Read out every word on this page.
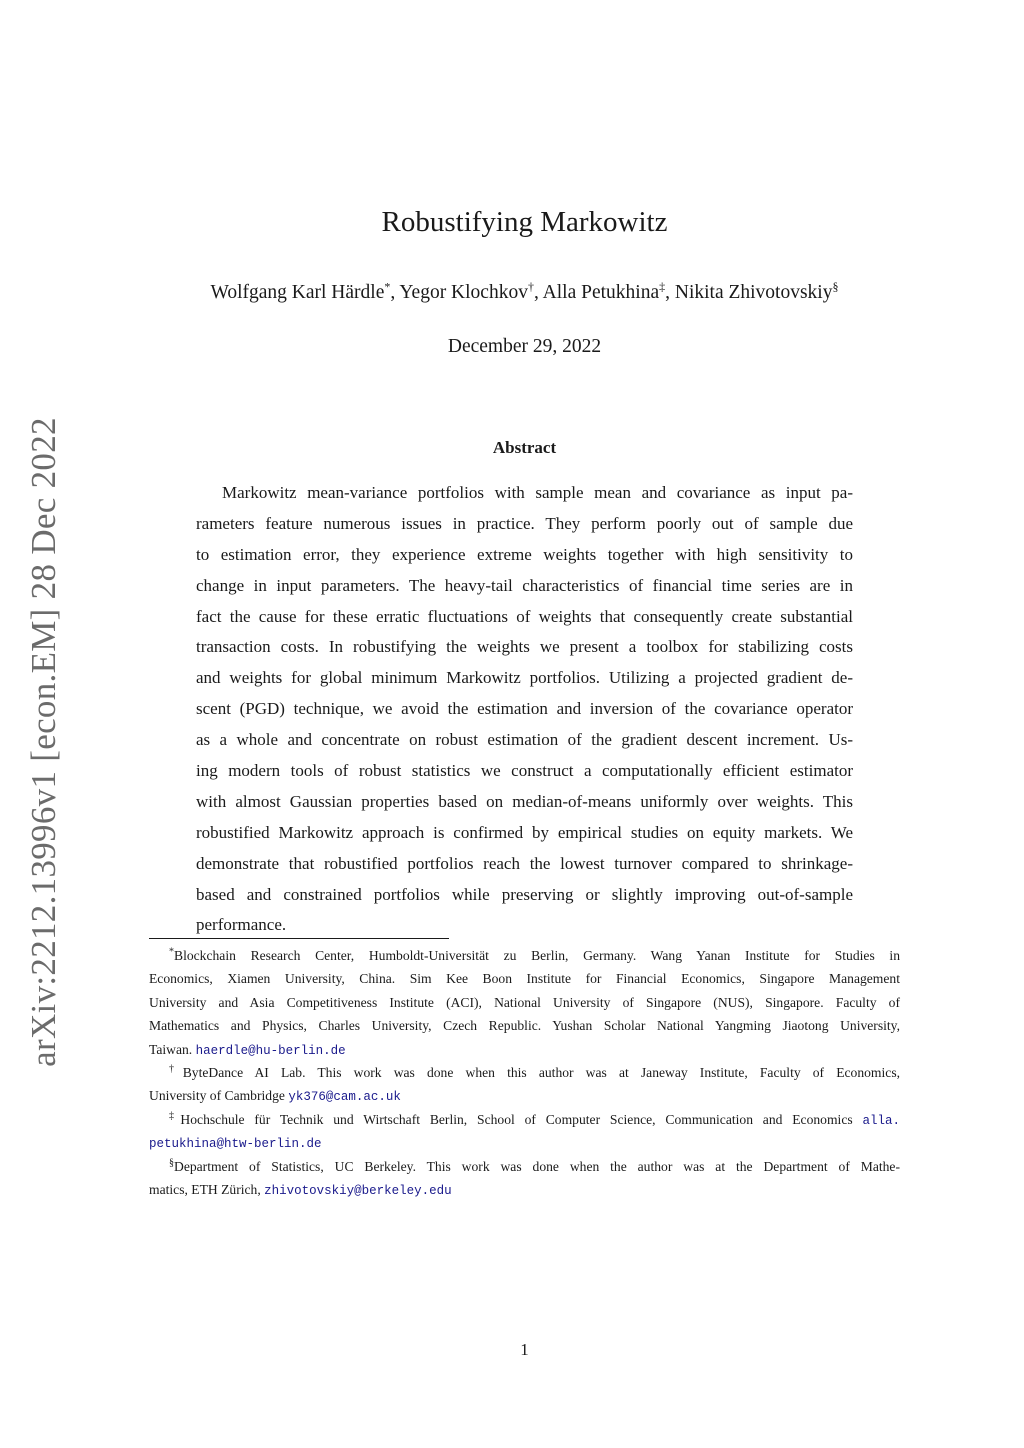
arXiv:2212.13996v1 [econ.EM] 28 Dec 2022
Robustifying Markowitz
Wolfgang Karl Härdle*, Yegor Klochkov†, Alla Petukhina‡, Nikita Zhivotovskiy§
December 29, 2022
Abstract
Markowitz mean-variance portfolios with sample mean and covariance as input pa-
rameters feature numerous issues in practice. They perform poorly out of sample due
to estimation error, they experience extreme weights together with high sensitivity to
change in input parameters. The heavy-tail characteristics of financial time series are in
fact the cause for these erratic fluctuations of weights that consequently create substantial
transaction costs. In robustifying the weights we present a toolbox for stabilizing costs
and weights for global minimum Markowitz portfolios. Utilizing a projected gradient de-
scent (PGD) technique, we avoid the estimation and inversion of the covariance operator
as a whole and concentrate on robust estimation of the gradient descent increment. Us-
ing modern tools of robust statistics we construct a computationally efficient estimator
with almost Gaussian properties based on median-of-means uniformly over weights. This
robustified Markowitz approach is confirmed by empirical studies on equity markets. We
demonstrate that robustified portfolios reach the lowest turnover compared to shrinkage-
based and constrained portfolios while preserving or slightly improving out-of-sample
performance.
*Blockchain Research Center, Humboldt-Universität zu Berlin, Germany. Wang Yanan Institute for Studies in
Economics, Xiamen University, China. Sim Kee Boon Institute for Financial Economics, Singapore Management
University and Asia Competitiveness Institute (ACI), National University of Singapore (NUS), Singapore. Faculty of
Mathematics and Physics, Charles University, Czech Republic. Yushan Scholar National Yangming Jiaotong University,
Taiwan. haerdle@hu-berlin.de
†ByteDance AI Lab. This work was done when this author was at Janeway Institute, Faculty of Economics,
University of Cambridge yk376@cam.ac.uk
‡Hochschule für Technik und Wirtschaft Berlin, School of Computer Science, Communication and Economics alla.
petukhina@htw-berlin.de
§Department of Statistics, UC Berkeley. This work was done when the author was at the Department of Mathe-
matics, ETH Zürich, zhivotovskiy@berkeley.edu
1
